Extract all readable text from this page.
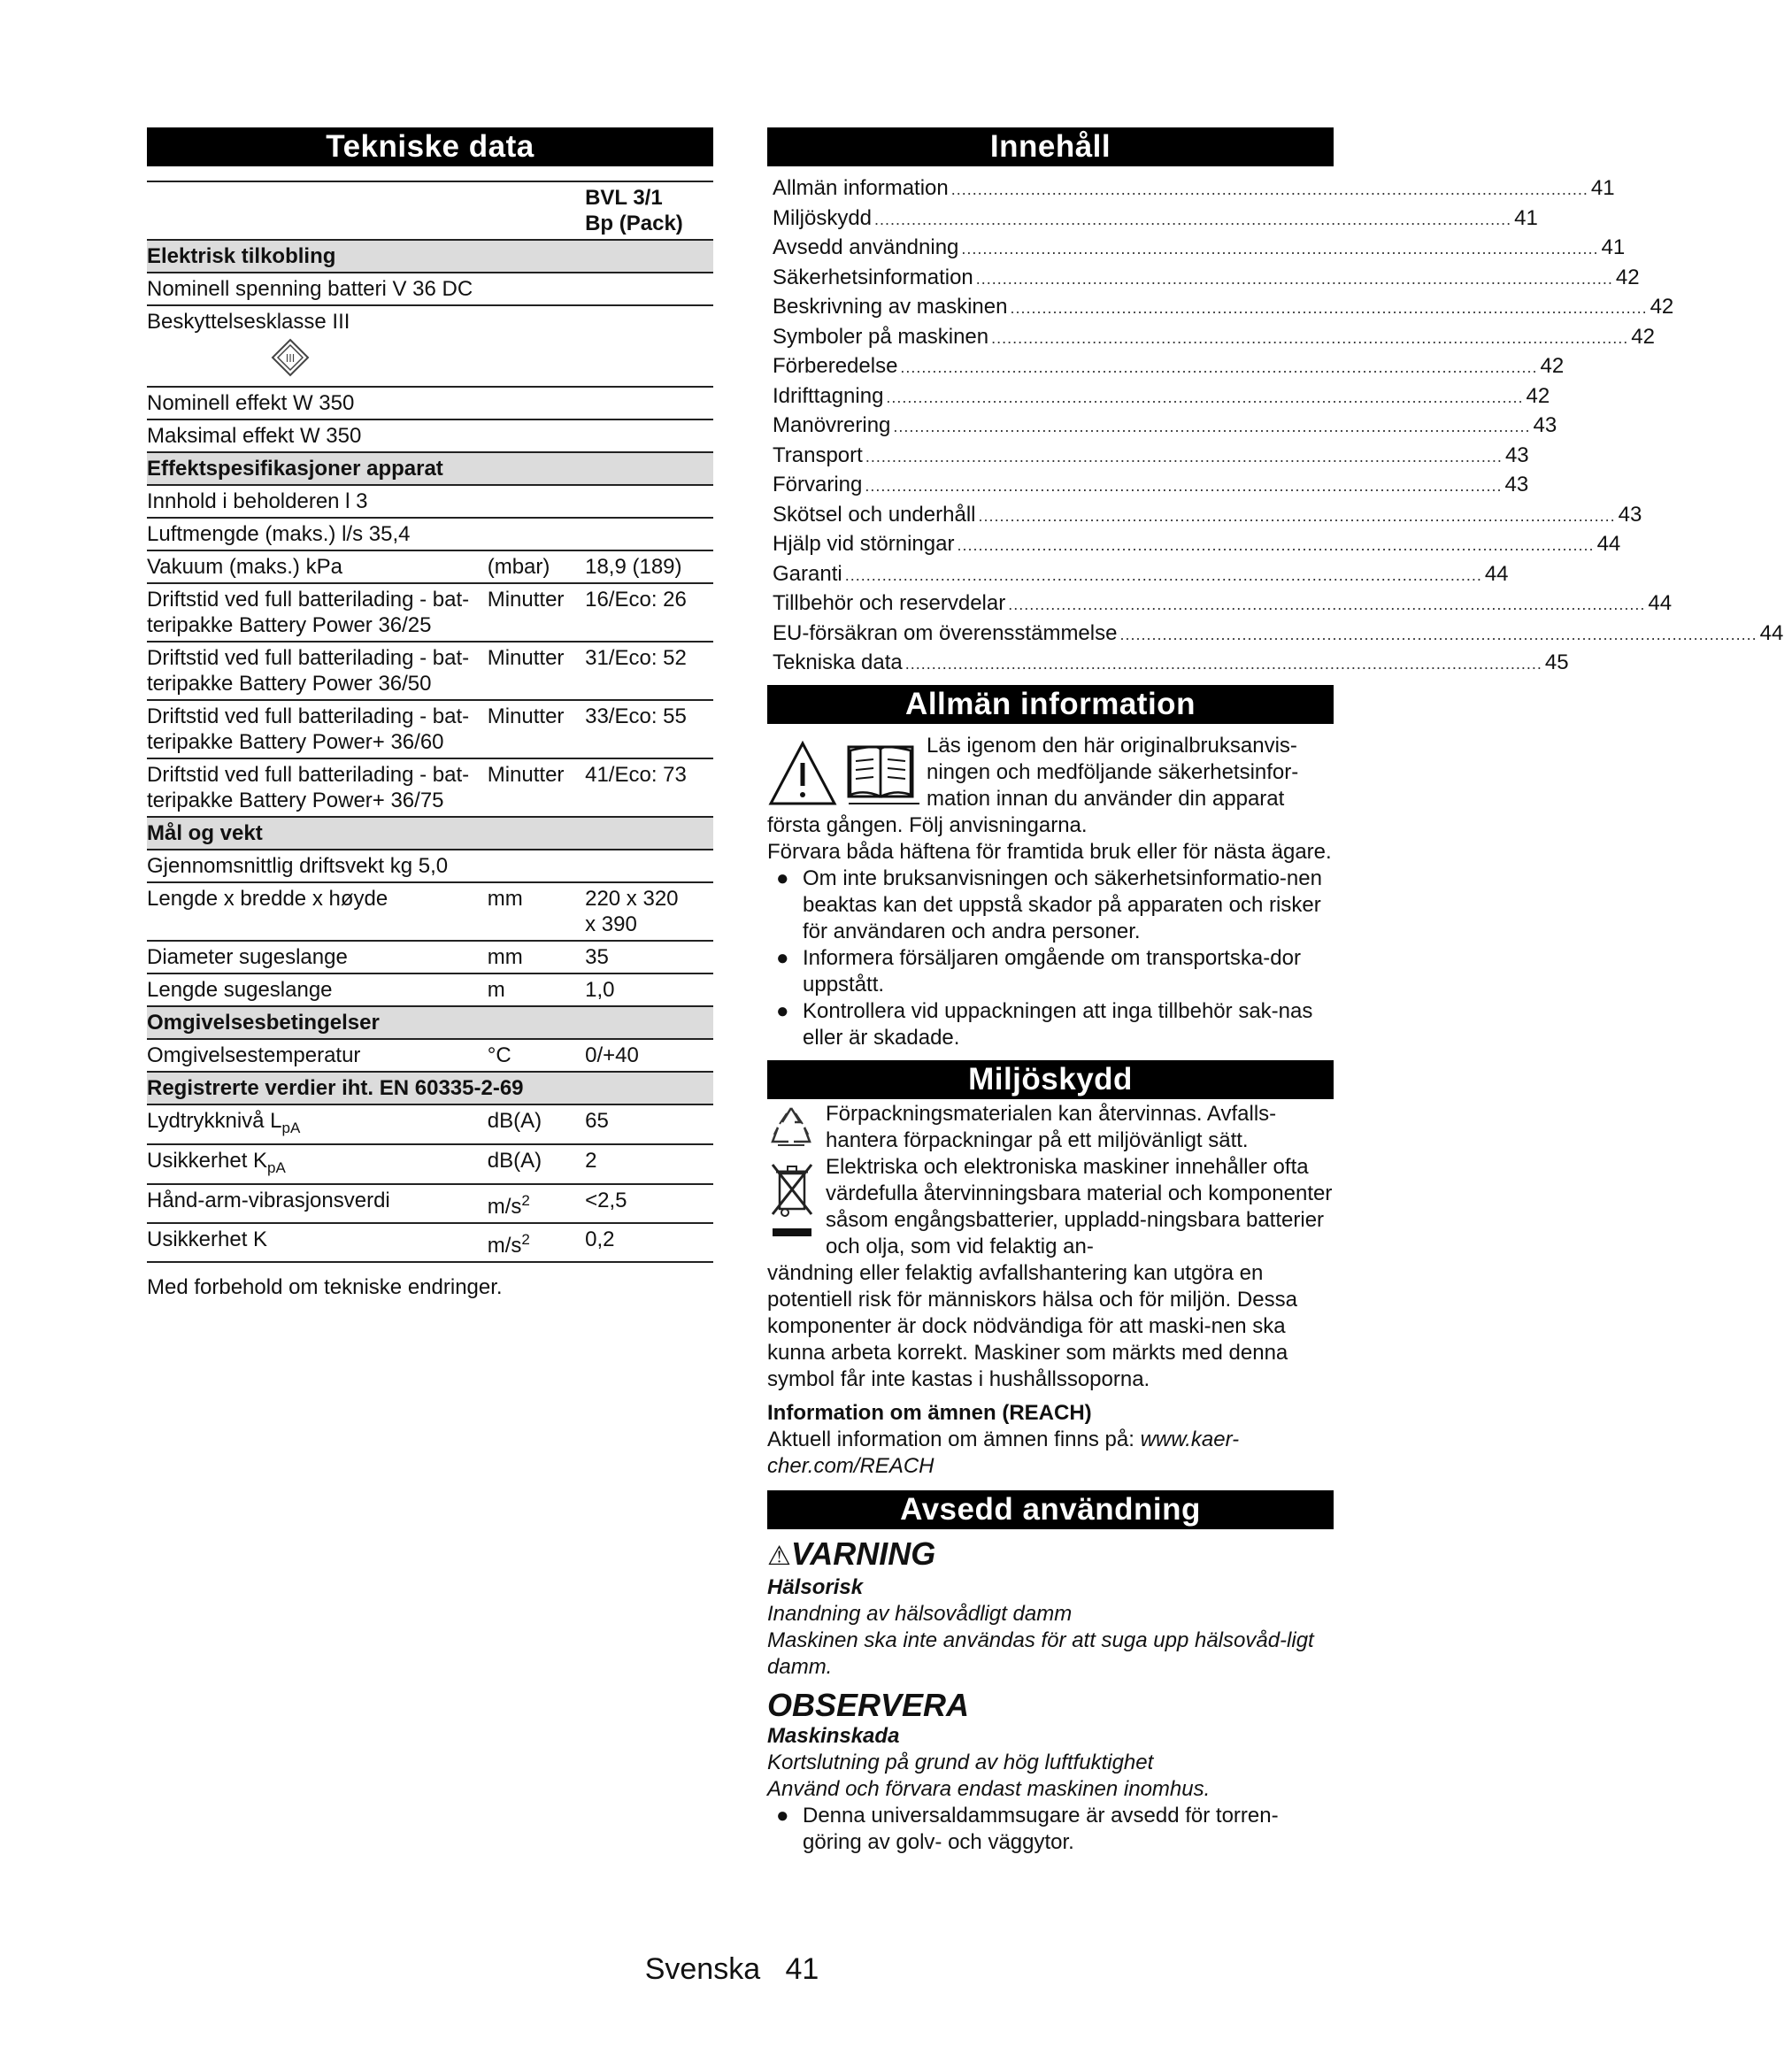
Tekniske data
		BVL 3/1 Bp (Pack)
Elektrisk tilkobling		
Nominell spenning batteri V 36 DC		
Beskyttelsesklasse III
III		

Nominell effekt W 350		
Maksimal effekt W 350		
Effektspesifikasjoner apparat		
Innhold i beholderen l 3		
Luftmengde (maks.) l/s 35,4		
Vakuum (maks.) kPa	(mbar)	18,9 (189)
Driftstid ved full batterilading - bat-teripakke Battery Power 36/25	Minutter	16/Eco: 26
Driftstid ved full batterilading - bat-teripakke Battery Power 36/50	Minutter	31/Eco: 52
Driftstid ved full batterilading - bat-teripakke Battery Power+ 36/60	Minutter	33/Eco: 55
Driftstid ved full batterilading - bat-teripakke Battery Power+ 36/75	Minutter	41/Eco: 73
Mål og vekt		
Gjennomsnittlig driftsvekt kg 5,0		
Lengde x bredde x høyde	mm	220 x 320 x 390
Diameter sugeslange	mm	35
Lengde sugeslange	m	1,0
Omgivelsesbetingelser		
Omgivelsestemperatur	°C	0/+40
Registrerte verdier iht. EN 60335-2-69		
Lydtrykknivå $L_{pA}$	dB(A)	65
Usikkerhet $K_{pA}$	dB(A)	2
Hånd-arm-vibrasjonsverdi	$m/s^2$	<2,5
Usikkerhet K	$m/s^2$	0,2
Med forbehold om tekniske endringer.
Innehåll
Allmän information ........................................................................................................................ 41
Miljöskydd ........................................................................................................................ 41
Avsedd användning ........................................................................................................................ 41
Säkerhetsinformation ........................................................................................................................ 42
Beskrivning av maskinen ........................................................................................................................ 42
Symboler på maskinen ........................................................................................................................ 42
Förberedelse ........................................................................................................................ 42
Idrifttagning ........................................................................................................................ 42
Manövrering ........................................................................................................................ 43
Transport ........................................................................................................................ 43
Förvaring ........................................................................................................................ 43
Skötsel och underhåll ........................................................................................................................ 43
Hjälp vid störningar ........................................................................................................................ 44
Garanti ........................................................................................................................ 44
Tillbehör och reservdelar ........................................................................................................................ 44
EU-försäkran om överensstämmelse ........................................................................................................................ 44
Tekniska data ........................................................................................................................ 45
Allmän information
Läs igenom den här originalbruksanvis-ningen och medföljande säkerhetsinfor-mation innan du använder din apparat
första gången. Följ anvisningarna.
Förvara båda häftena för framtida bruk eller för nästa ägare.
● Om inte bruksanvisningen och säkerhetsinformatio-nen beaktas kan det uppstå skador på apparaten och risker för användaren och andra personer.
● Informera försäljaren omgående om transportska-dor uppstått.
● Kontrollera vid uppackningen att inga tillbehör sak-nas eller är skadade.
Miljöskydd
Förpackningsmaterialen kan återvinnas. Avfalls-hantera förpackningar på ett miljövänligt sätt.
Elektriska och elektroniska maskiner innehåller ofta värdefulla återvinningsbara material och komponenter såsom engångsbatterier, uppladd-ningsbara batterier och olja, som vid felaktig an-
vändning eller felaktig avfallshantering kan utgöra en potentiell risk för människors hälsa och för miljön. Dessa komponenter är dock nödvändiga för att maski-nen ska kunna arbeta korrekt. Maskiner som märkts med denna symbol får inte kastas i hushållssoporna.
Information om ämnen (REACH)
Aktuell information om ämnen finns på: www.kaer-cher.com/REACH
Avsedd användning
⚠VARNING
Hälsorisk
Inandning av hälsovådligt damm
Maskinen ska inte användas för att suga upp hälsovåd-ligt damm.
OBSERVERA
Maskinskada
Kortslutning på grund av hög luftfuktighet
Använd och förvara endast maskinen inomhus.
● Denna universaldammsugare är avsedd för torren-göring av golv- och väggytor.
Svenska 41
